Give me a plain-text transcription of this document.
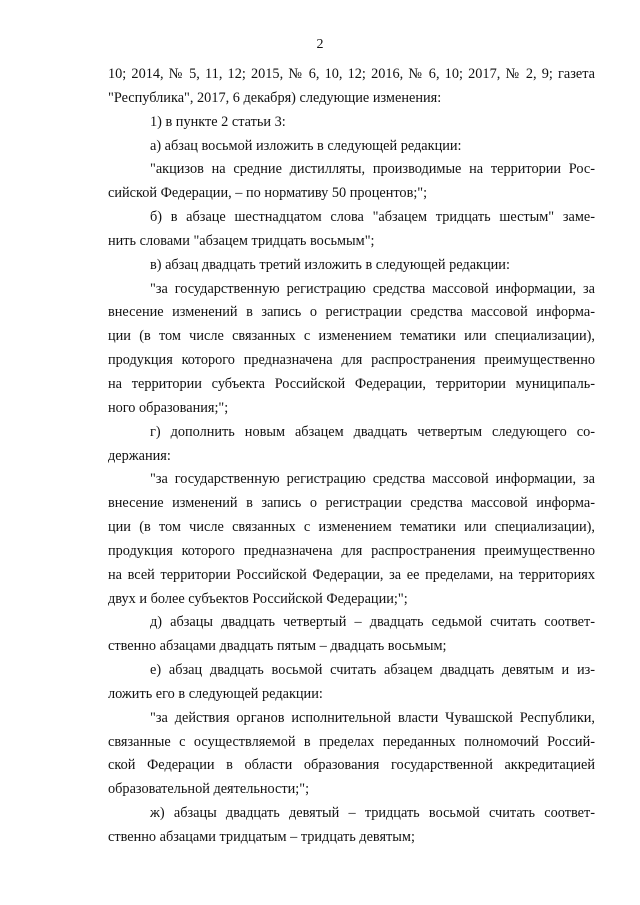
2
10; 2014, № 5, 11, 12; 2015, № 6, 10, 12; 2016, № 6, 10; 2017, № 2, 9; газета
"Республика", 2017, 6 декабря) следующие изменения:
1) в пункте 2 статьи 3:
а) абзац восьмой изложить в следующей редакции:
"акцизов на средние дистилляты, производимые на территории Рос-
сийской Федерации, – по нормативу 50 процентов;";
б) в абзаце шестнадцатом слова "абзацем тридцать шестым" заме-
нить словами "абзацем тридцать восьмым";
в) абзац двадцать третий изложить в следующей редакции:
"за государственную регистрацию средства массовой информации, за
внесение изменений в запись о регистрации средства массовой информа-
ции (в том числе связанных с изменением тематики или специализации),
продукция которого предназначена для распространения преимущественно
на территории субъекта Российской Федерации, территории муниципаль-
ного образования;";
г) дополнить новым абзацем двадцать четвертым следующего со-
держания:
"за государственную регистрацию средства массовой информации, за
внесение изменений в запись о регистрации средства массовой информа-
ции (в том числе связанных с изменением тематики или специализации),
продукция которого предназначена для распространения преимущественно
на всей территории Российской Федерации, за ее пределами, на территориях
двух и более субъектов Российской Федерации;";
д) абзацы двадцать четвертый – двадцать седьмой считать соответ-
ственно абзацами двадцать пятым – двадцать восьмым;
е) абзац двадцать восьмой считать абзацем двадцать девятым и из-
ложить его в следующей редакции:
"за действия органов исполнительной власти Чувашской Республики,
связанные с осуществляемой в пределах переданных полномочий Россий-
ской Федерации в области образования государственной аккредитацией
образовательной деятельности;";
ж) абзацы двадцать девятый – тридцать восьмой считать соответ-
ственно абзацами тридцатым – тридцать девятым;
